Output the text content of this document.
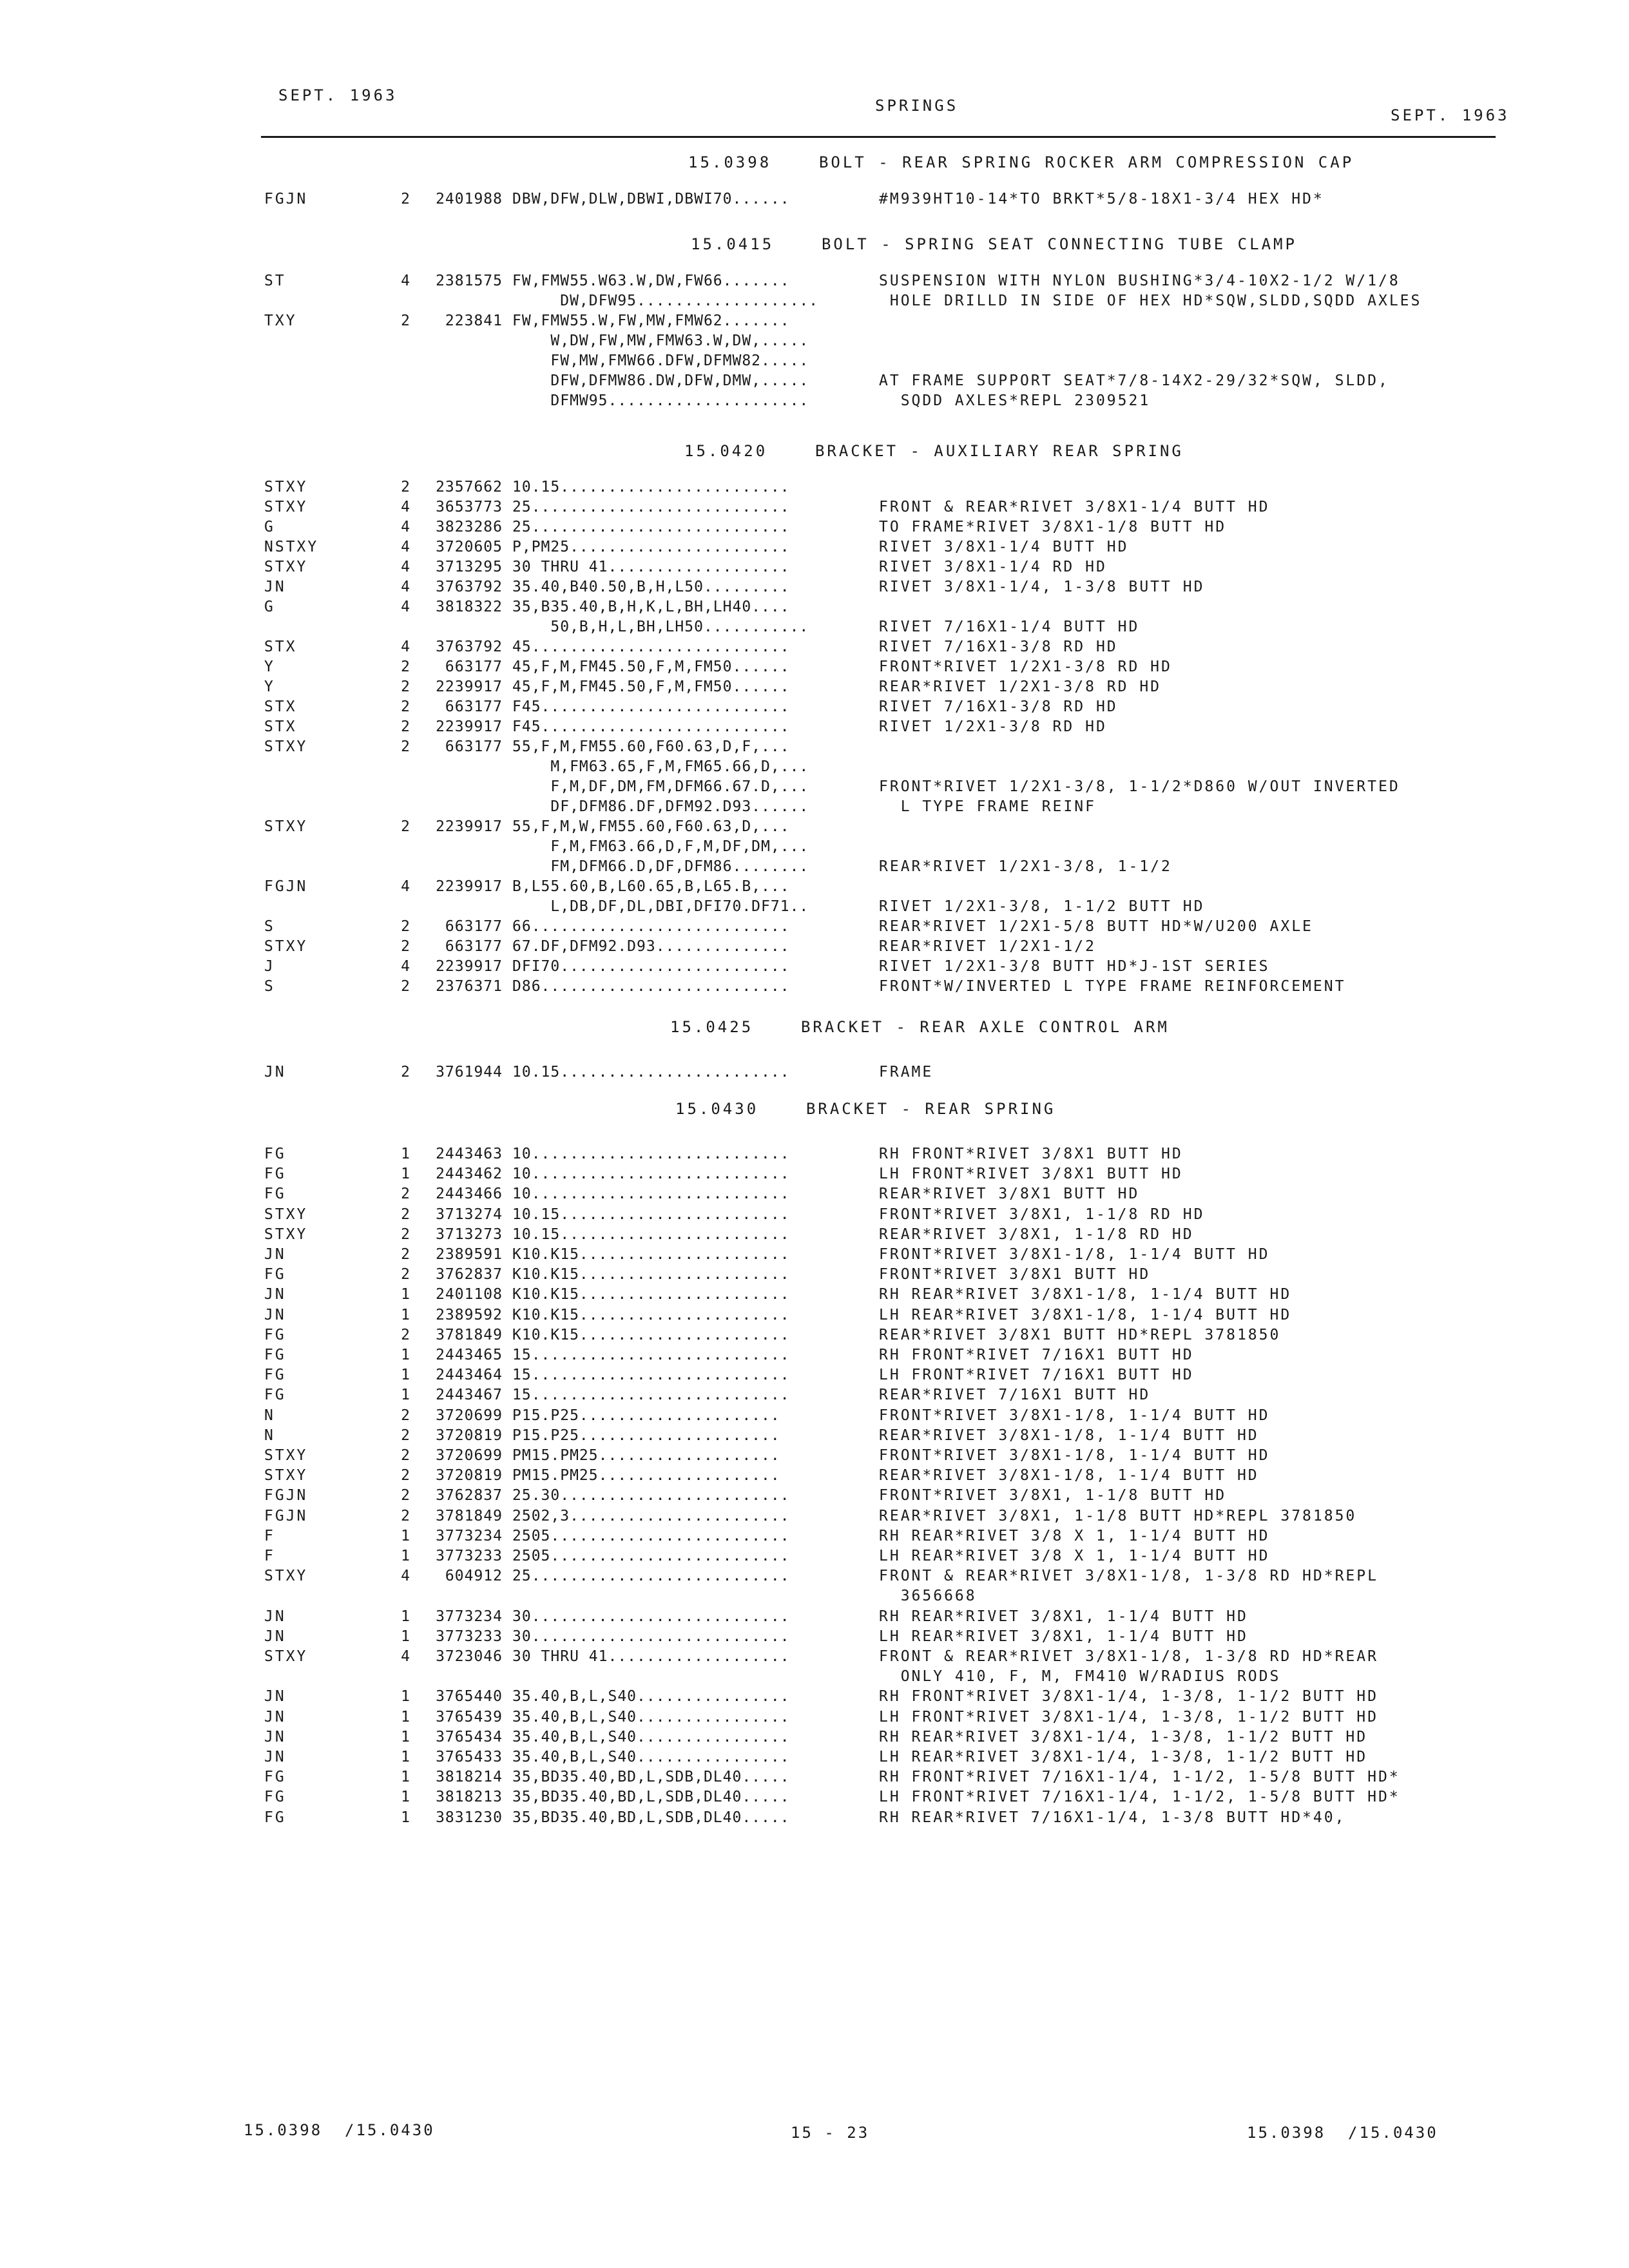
SEPT. 1963
SPRINGS
SEPT. 1963
15.0398    BOLT - REAR SPRING ROCKER ARM COMPRESSION CAP
FGJN	2	2401988 DBW,DFW,DLW,DBWI,DBWI70......	#M939HT10-14*TO BRKT*5/8-18X1-3/4 HEX HD*
15.0415    BOLT - SPRING SEAT CONNECTING TUBE CLAMP
ST	4	2381575 FW,FMW55.W63.W,DW,FW66.......	SUSPENSION WITH NYLON BUSHING*3/4-10X2-1/2 W/1/8
DW,DFW95...................	HOLE DRILLD IN SIDE OF HEX HD*SQW,SLDD,SQDD AXLES
TXY	2	223841 FW,FMW55.W,FW,MW,FMW62.......
W,DW,FW,MW,FMW63.W,DW,.....
FW,MW,FMW66.DFW,DFMW82.....
DFW,DFMW86.DW,DFW,DMW,.....	AT FRAME SUPPORT SEAT*7/8-14X2-29/32*SQW, SLDD,
DFMW95.....................	SQDD AXLES*REPL 2309521
15.0420    BRACKET - AUXILIARY REAR SPRING
STXY	2	2357662 10.15........................
STXY	4	3653773 25...........................	FRONT & REAR*RIVET 3/8X1-1/4 BUTT HD
G	4	3823286 25...........................	TO FRAME*RIVET 3/8X1-1/8 BUTT HD
NSTXY	4	3720605 P,PM25.......................	RIVET 3/8X1-1/4 BUTT HD
STXY	4	3713295 30 THRU 41...................	RIVET 3/8X1-1/4 RD HD
JN	4	3763792 35.40,B40.50,B,H,L50.........	RIVET 3/8X1-1/4, 1-3/8 BUTT HD
G	4	3818322 35,B35.40,B,H,K,L,BH,LH40....
50,B,H,L,BH,LH50...........	RIVET 7/16X1-1/4 BUTT HD
STX	4	3763792 45...........................	RIVET 7/16X1-3/8 RD HD
Y	2	663177 45,F,M,FM45.50,F,M,FM50......	FRONT*RIVET 1/2X1-3/8 RD HD
Y	2	2239917 45,F,M,FM45.50,F,M,FM50......	REAR*RIVET 1/2X1-3/8 RD HD
STX	2	663177 F45..........................	RIVET 7/16X1-3/8 RD HD
STX	2	2239917 F45..........................	RIVET 1/2X1-3/8 RD HD
STXY	2	663177 55,F,M,FM55.60,F60.63,D,F,...
M,FM63.65,F,M,FM65.66,D,...
F,M,DF,DM,FM,DFM66.67.D,...	FRONT*RIVET 1/2X1-3/8, 1-1/2*D860 W/OUT INVERTED
DF,DFM86.DF,DFM92.D93......	L TYPE FRAME REINF
STXY	2	2239917 55,F,M,W,FM55.60,F60.63,D,...
F,M,FM63.66,D,F,M,DF,DM,...
FM,DFM66.D,DF,DFM86........	REAR*RIVET 1/2X1-3/8, 1-1/2
FGJN	4	2239917 B,L55.60,B,L60.65,B,L65.B,...
L,DB,DF,DL,DBI,DFI70.DF71..	RIVET 1/2X1-3/8, 1-1/2 BUTT HD
S	2	663177 66...........................	REAR*RIVET 1/2X1-5/8 BUTT HD*W/U200 AXLE
STXY	2	663177 67.DF,DFM92.D93..............	REAR*RIVET 1/2X1-1/2
J	4	2239917 DFI70........................	RIVET 1/2X1-3/8 BUTT HD*J-1ST SERIES
S	2	2376371 D86..........................	FRONT*W/INVERTED L TYPE FRAME REINFORCEMENT
15.0425    BRACKET - REAR AXLE CONTROL ARM
JN	2	3761944 10.15........................	FRAME
15.0430    BRACKET - REAR SPRING
FG	1	2443463 10...........................	RH FRONT*RIVET 3/8X1 BUTT HD
FG	1	2443462 10...........................	LH FRONT*RIVET 3/8X1 BUTT HD
FG	2	2443466 10...........................	REAR*RIVET 3/8X1 BUTT HD
STXY	2	3713274 10.15........................	FRONT*RIVET 3/8X1, 1-1/8 RD HD
STXY	2	3713273 10.15........................	REAR*RIVET 3/8X1, 1-1/8 RD HD
JN	2	2389591 K10.K15......................	FRONT*RIVET 3/8X1-1/8, 1-1/4 BUTT HD
FG	2	3762837 K10.K15......................	FRONT*RIVET 3/8X1 BUTT HD
JN	1	2401108 K10.K15......................	RH REAR*RIVET 3/8X1-1/8, 1-1/4 BUTT HD
JN	1	2389592 K10.K15......................	LH REAR*RIVET 3/8X1-1/8, 1-1/4 BUTT HD
FG	2	3781849 K10.K15......................	REAR*RIVET 3/8X1 BUTT HD*REPL 3781850
FG	1	2443465 15...........................	RH FRONT*RIVET 7/16X1 BUTT HD
FG	1	2443464 15...........................	LH FRONT*RIVET 7/16X1 BUTT HD
FG	1	2443467 15...........................	REAR*RIVET 7/16X1 BUTT HD
N	2	3720699 P15.P25.....................	FRONT*RIVET 3/8X1-1/8, 1-1/4 BUTT HD
N	2	3720819 P15.P25.....................	REAR*RIVET 3/8X1-1/8, 1-1/4 BUTT HD
STXY	2	3720699 PM15.PM25...................	FRONT*RIVET 3/8X1-1/8, 1-1/4 BUTT HD
STXY	2	3720819 PM15.PM25...................	REAR*RIVET 3/8X1-1/8, 1-1/4 BUTT HD
FGJN	2	3762837 25.30........................	FRONT*RIVET 3/8X1, 1-1/8 BUTT HD
FGJN	2	3781849 2502,3.......................	REAR*RIVET 3/8X1, 1-1/8 BUTT HD*REPL 3781850
F	1	3773234 2505.........................	RH REAR*RIVET 3/8 X 1, 1-1/4 BUTT HD
F	1	3773233 2505.........................	LH REAR*RIVET 3/8 X 1, 1-1/4 BUTT HD
STXY	4	604912 25...........................	FRONT & REAR*RIVET 3/8X1-1/8, 1-3/8 RD HD*REPL
3656668
JN	1	3773234 30...........................	RH REAR*RIVET 3/8X1, 1-1/4 BUTT HD
JN	1	3773233 30...........................	LH REAR*RIVET 3/8X1, 1-1/4 BUTT HD
STXY	4	3723046 30 THRU 41...................	FRONT & REAR*RIVET 3/8X1-1/8, 1-3/8 RD HD*REAR
ONLY 410, F, M, FM410 W/RADIUS RODS
JN	1	3765440 35.40,B,L,S40................	RH FRONT*RIVET 3/8X1-1/4, 1-3/8, 1-1/2 BUTT HD
JN	1	3765439 35.40,B,L,S40................	LH FRONT*RIVET 3/8X1-1/4, 1-3/8, 1-1/2 BUTT HD
JN	1	3765434 35.40,B,L,S40................	RH REAR*RIVET 3/8X1-1/4, 1-3/8, 1-1/2 BUTT HD
JN	1	3765433 35.40,B,L,S40................	LH REAR*RIVET 3/8X1-1/4, 1-3/8, 1-1/2 BUTT HD
FG	1	3818214 35,BD35.40,BD,L,SDB,DL40.....	RH FRONT*RIVET 7/16X1-1/4, 1-1/2, 1-5/8 BUTT HD*
FG	1	3818213 35,BD35.40,BD,L,SDB,DL40.....	LH FRONT*RIVET 7/16X1-1/4, 1-1/2, 1-5/8 BUTT HD*
FG	1	3831230 35,BD35.40,BD,L,SDB,DL40.....	RH REAR*RIVET 7/16X1-1/4, 1-3/8 BUTT HD*40,
15.0398  /15.0430	15 - 23	15.0398  /15.0430
